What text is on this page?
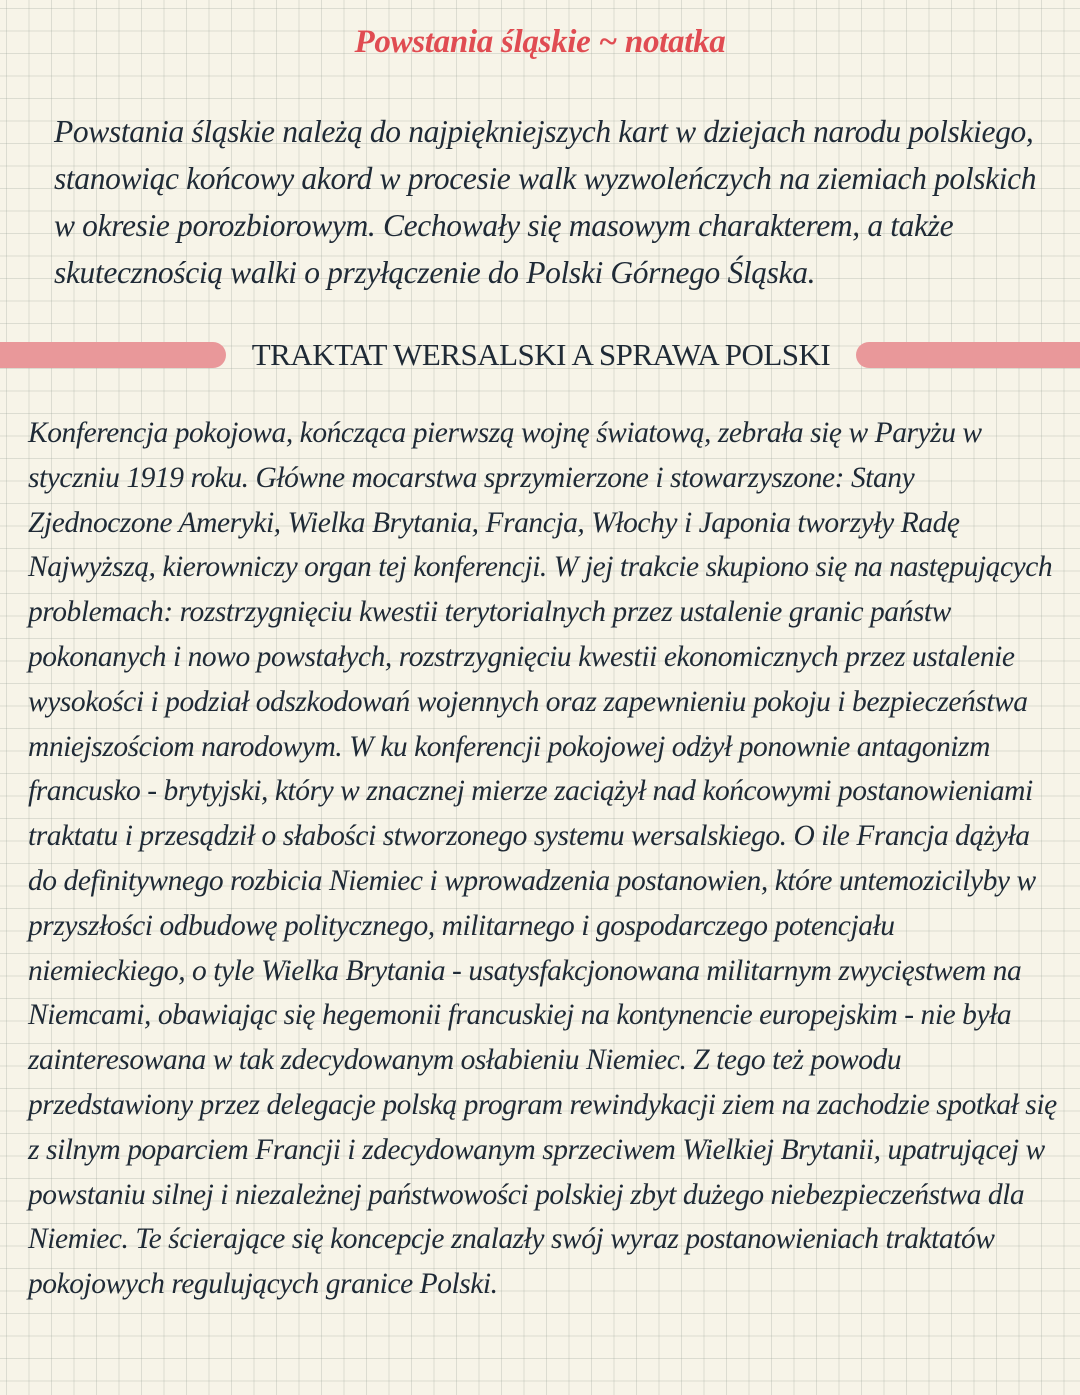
Powstania śląskie ~ notatka

Powstania śląskie należą do najpiękniejszych kart w dziejach narodu polskiego, stanowiąc końcowy akord w procesie walk wyzwoleńczych na ziemiach polskich w okresie porozbiorowym. Cechowały się masowym charakterem, a także skutecznością walki o przyłączenie do Polski Górnego Śląska.

TRAKTAT WERSALSKI A SPRAWA POLSKI

Konferencja pokojowa, kończąca pierwszą wojnę światową, zebrała się w Paryżu w styczniu 1919 roku. Główne mocarstwa sprzymierzone i stowarzyszone: Stany Zjednoczone Ameryki, Wielka Brytania, Francja, Włochy i Japonia tworzyły Radę Najwyższą, kierowniczy organ tej konferencji. W jej trakcie skupiono się na następujących problemach: rozstrzygnięciu kwestii terytorialnych przez ustalenie granic państw pokonanych i nowo powstałych, rozstrzygnięciu kwestii ekonomicznych przez ustalenie wysokości i podział odszkodowań wojennych oraz zapewnieniu pokoju i bezpieczeństwa mniejszościom narodowym. W ku konferencji pokojowej odżył ponownie antagonizm francusko - brytyjski, który w znacznej mierze zaciążył nad końcowymi postanowieniami traktatu i przesądził o słabości stworzonego systemu wersalskiego. O ile Francja dążyła do definitywnego rozbicia Niemiec i wprowadzenia postanowien, które untemozicilyby w przyszłości odbudowę politycznego, militarnego i gospodarczego potencjału niemieckiego, o tyle Wielka Brytania - usatysfakcjonowana militarnym zwycięstwem na Niemcami, obawiając się hegemonii francuskiej na kontynencie europejskim - nie była zainteresowana w tak zdecydowanym osłabieniu Niemiec. Z tego też powodu przedstawiony przez delegacje polską program rewindykacji ziem na zachodzie spotkał się z silnym poparciem Francji i zdecydowanym sprzeciwem Wielkiej Brytanii, upatrującej w powstaniu silnej i niezależnej państwowości polskiej zbyt dużego niebezpieczeństwa dla Niemiec. Te ścierające się koncepcje znalazły swój wyraz postanowieniach traktatów pokojowych regulujących granice Polski.
